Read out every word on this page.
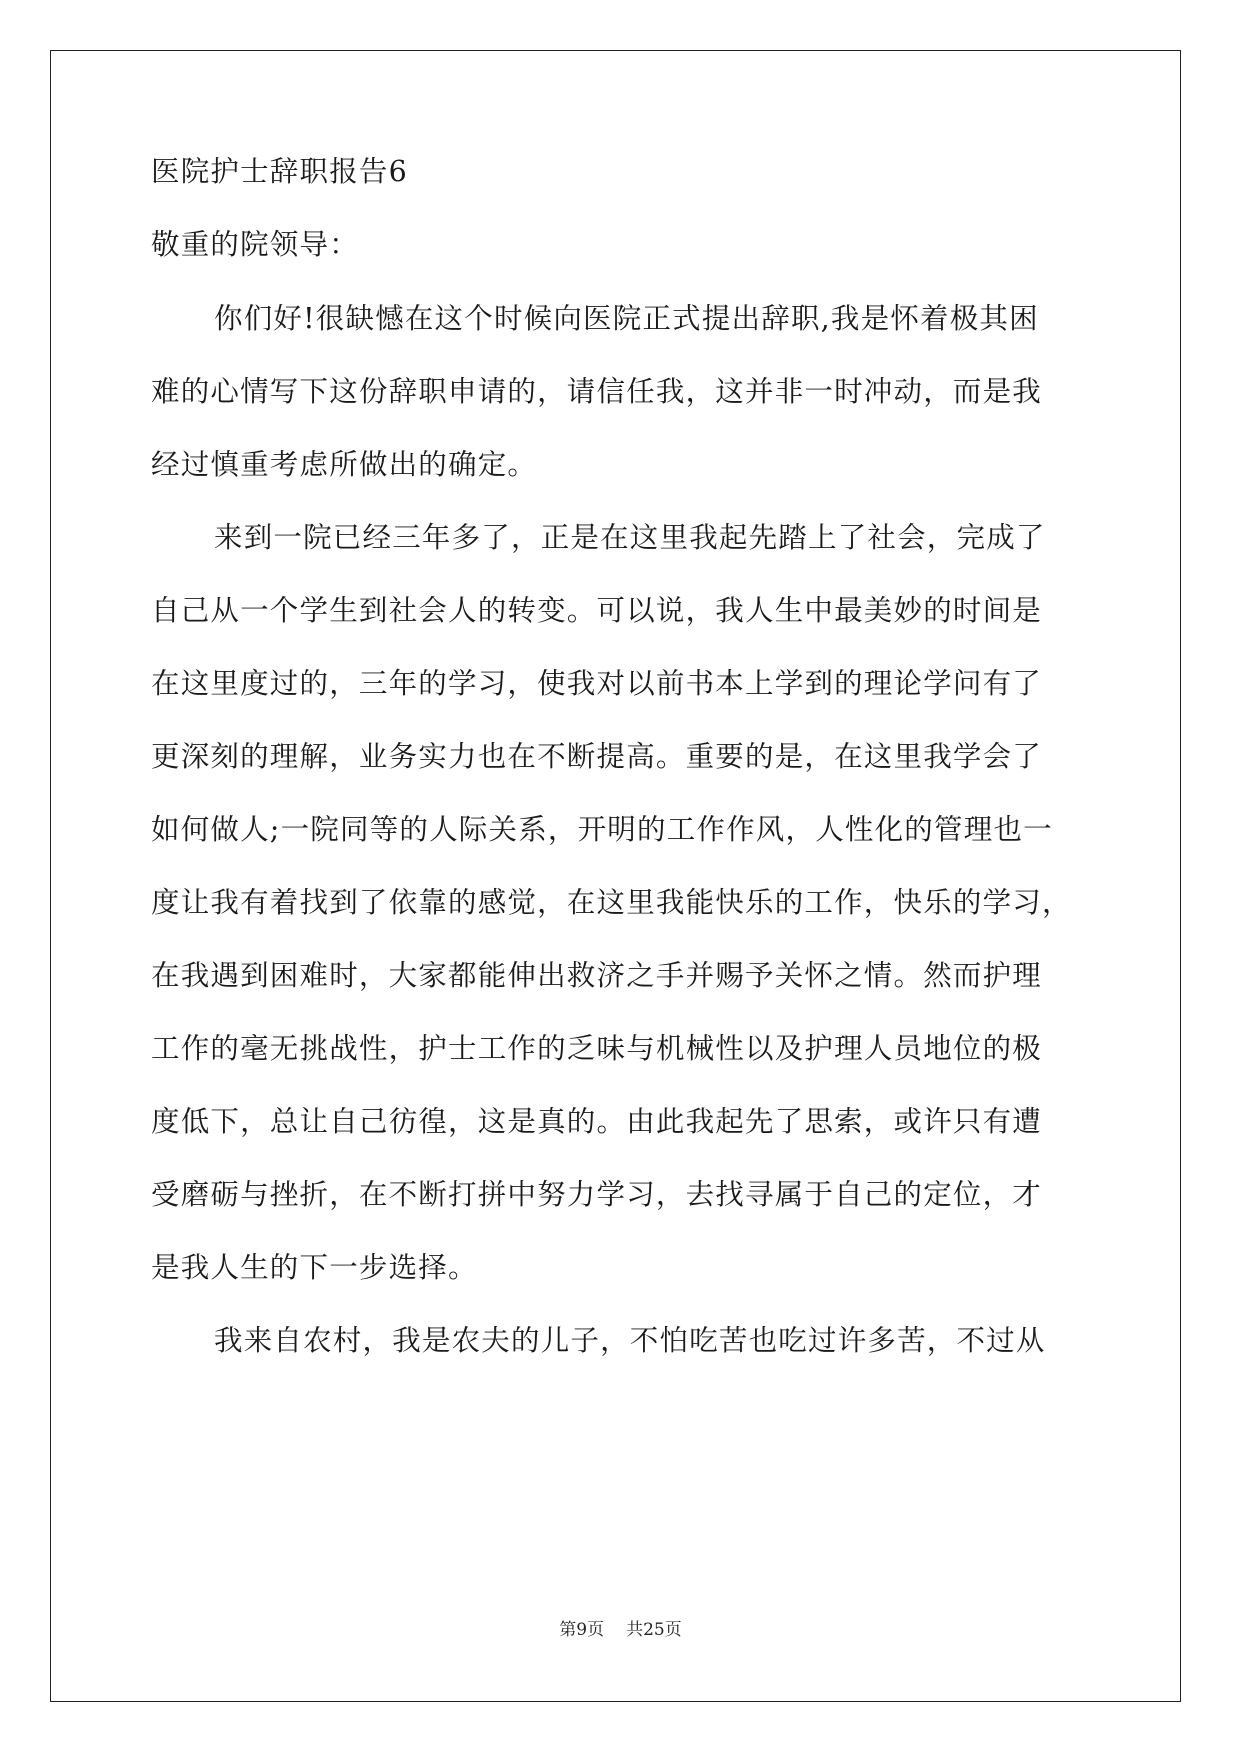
医院护士辞职报告6
敬重的院领导：
你们好!很缺憾在这个时候向医院正式提出辞职,我是怀着极其困
难的心情写下这份辞职申请的，请信任我，这并非一时冲动，而是我
经过慎重考虑所做出的确定。
来到一院已经三年多了，正是在这里我起先踏上了社会，完成了
自己从一个学生到社会人的转变。可以说，我人生中最美妙的时间是
在这里度过的，三年的学习，使我对以前书本上学到的理论学问有了
更深刻的理解，业务实力也在不断提高。重要的是，在这里我学会了
如何做人;一院同等的人际关系，开明的工作作风，人性化的管理也一
度让我有着找到了依靠的感觉，在这里我能快乐的工作，快乐的学习，
在我遇到困难时，大家都能伸出救济之手并赐予关怀之情。然而护理
工作的毫无挑战性，护士工作的乏味与机械性以及护理人员地位的极
度低下，总让自己彷徨，这是真的。由此我起先了思索，或许只有遭
受磨砺与挫折，在不断打拼中努力学习，去找寻属于自己的定位，才
是我人生的下一步选择。
我来自农村，我是农夫的儿子，不怕吃苦也吃过许多苦，不过从
第9页 共25页
